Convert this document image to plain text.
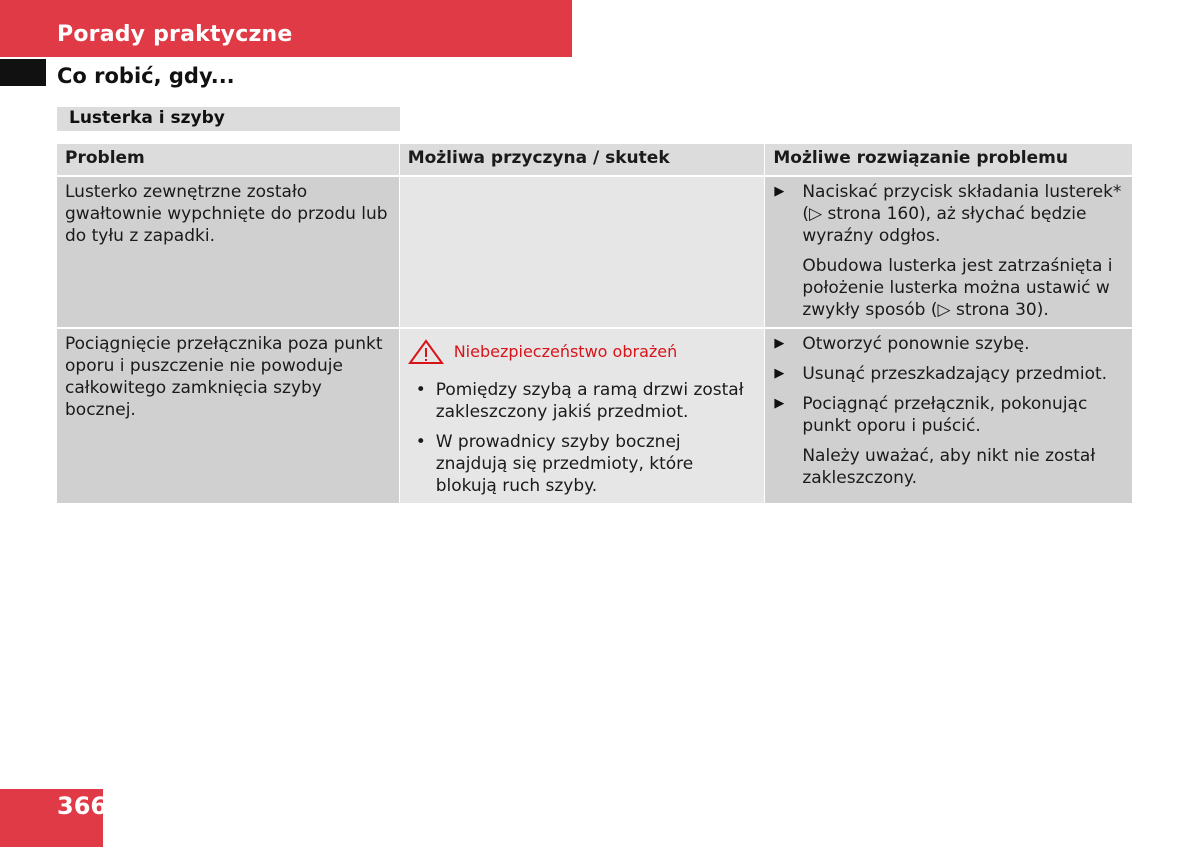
Porady praktyczne
Co robić, gdy...
Lusterka i szyby
Problem	Możliwa przyczyna / skutek	Możliwe rozwiązanie problemu
Lusterko zewnętrzne zostało gwałtownie wypchnięte do przodu lub do tyłu z zapadki.
▶ Naciskać przycisk składania lusterek* (▷ strona 160), aż słychać będzie wyraźny odgłos.
Obudowa lusterka jest zatrzaśnięta i położenie lusterka można ustawić w zwykły sposób (▷ strona 30).
Pociągnięcie przełącznika poza punkt oporu i puszczenie nie powoduje całkowitego zamknięcia szyby bocznej.
Niebezpieczeństwo obrażeń
• Pomiędzy szybą a ramą drzwi został zakleszczony jakiś przedmiot.
• W prowadnicy szyby bocznej znajdują się przedmioty, które blokują ruch szyby.
▶ Otworzyć ponownie szybę.
▶ Usunąć przeszkadzający przedmiot.
▶ Pociągnąć przełącznik, pokonując punkt oporu i puścić.
Należy uważać, aby nikt nie został zakleszczony.
366
